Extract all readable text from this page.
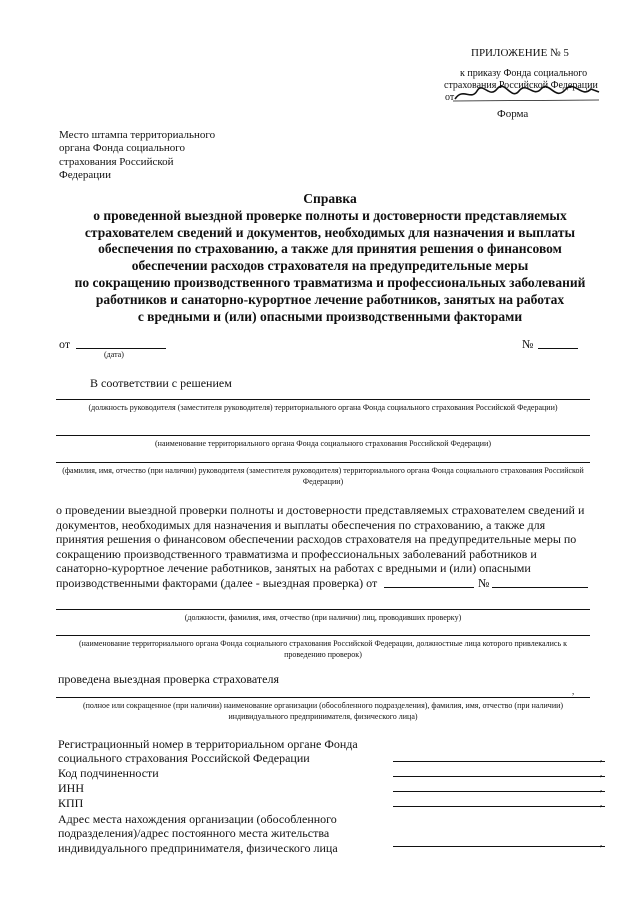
ПРИЛОЖЕНИЕ № 5
к приказу Фонда социального
страхования Российской Федерации
от
Форма
Место штампа территориального
органа Фонда социального
страхования Российской
Федерации
Справка
о проведенной выездной проверке полноты и достоверности представляемых
страхователем сведений и документов, необходимых для назначения и выплаты
обеспечения по страхованию, а также для принятия решения о финансовом
обеспечении расходов страхователя на предупредительные меры
по сокращению производственного травматизма и профессиональных заболеваний
работников и санаторно-курортное лечение работников, занятых на работах
с вредными и (или) опасными производственными факторами
от
(дата)
№
В соответствии с решением
(должность руководителя (заместителя руководителя) территориального органа Фонда социального страхования Российской Федерации)
(наименование территориального органа Фонда социального страхования Российской Федерации)
(фамилия, имя, отчество (при наличии) руководителя (заместителя руководителя) территориального органа Фонда социального страхования Российской Федерации)
о проведении выездной проверки полноты и достоверности представляемых страхователем сведений и
документов, необходимых для назначения и выплаты обеспечения по страхованию, а также для
принятия решения о финансовом обеспечении расходов страхователя на предупредительные меры по
сокращению производственного травматизма и профессиональных заболеваний работников и
санаторно-курортное лечение работников, занятых на работах с вредными и (или) опасными
производственными факторами (далее - выездная проверка) от	№
(должности, фамилия, имя, отчество (при наличии) лиц, проводивших проверку)
(наименование территориального органа Фонда социального страхования Российской Федерации, должностные лица которого привлекались к проведению проверок)
проведена выездная проверка страхователя
,
(полное или сокращенное (при наличии) наименование организации (обособленного подразделения), фамилия, имя, отчество (при наличии) индивидуального предпринимателя, физического лица)
Регистрационный номер в территориальном органе Фонда
социального страхования Российской Федерации	,
Код подчиненности	,
ИНН	,
КПП	,
Адрес места нахождения организации (обособленного
подразделения)/адрес постоянного места жительства
индивидуального предпринимателя, физического лица	,
